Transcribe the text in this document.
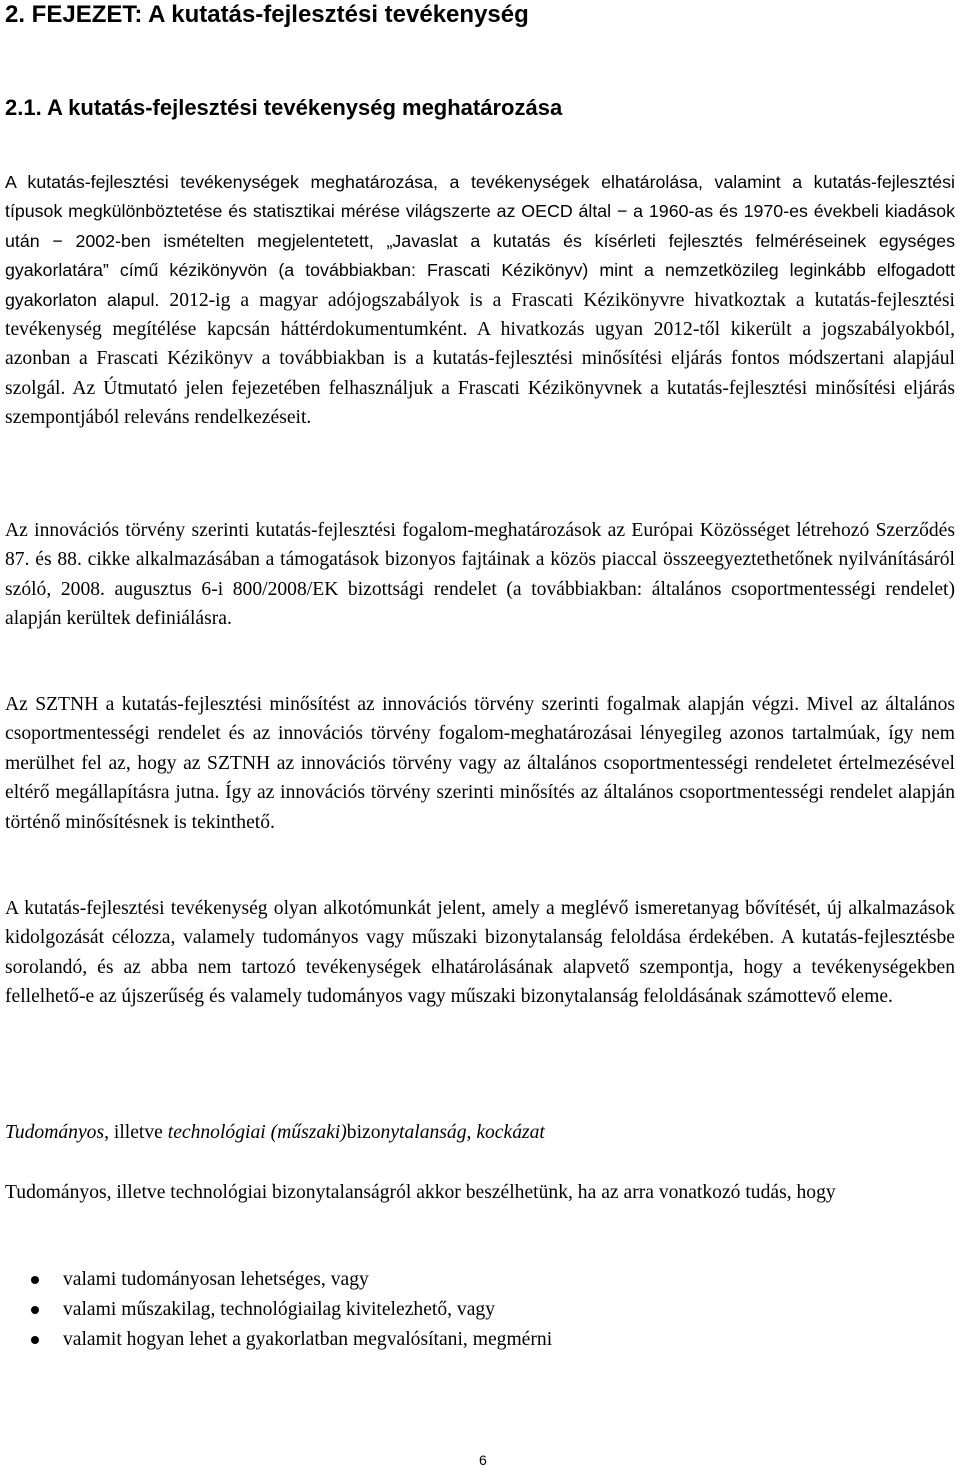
2. FEJEZET: A kutatás-fejlesztési tevékenység
2.1. A kutatás-fejlesztési tevékenység meghatározása

A kutatás-fejlesztési tevékenységek meghatározása, a tevékenységek elhatárolása, valamint a kutatás-fejlesztési típusok megkülönböztetése és statisztikai mérése világszerte az OECD által − a 1960-as és 1970-es évekbeli kiadások után − 2002-ben ismételten megjelentetett, „Javaslat a kutatás és kísérleti fejlesztés felméréseinek egységes gyakorlatára” című kézikönyvön (a továbbiakban: Frascati Kézikönyv) mint a nemzetközileg leginkább elfogadott gyakorlaton alapul. 2012-ig a magyar adójogszabályok is a Frascati Kézikönyvre hivatkoztak a kutatás-fejlesztési tevékenység megítélése kapcsán háttérdokumentumként. A hivatkozás ugyan 2012-től kikerült a jogszabályokból, azonban a Frascati Kézikönyv a továbbiakban is a kutatás-fejlesztési minősítési eljárás fontos módszertani alapjául szolgál. Az Útmutató jelen fejezetében felhasználjuk a Frascati Kézikönyvnek a kutatás-fejlesztési minősítési eljárás szempontjából releváns rendelkezéseit.

Az innovációs törvény szerinti kutatás-fejlesztési fogalom-meghatározások az Európai Közösséget létrehozó Szerződés 87. és 88. cikke alkalmazásában a támogatások bizonyos fajtáinak a közös piaccal összeegyeztethetőnek nyilvánításáról szóló, 2008. augusztus 6-i 800/2008/EK bizottsági rendelet (a továbbiakban: általános csoportmentességi rendelet) alapján kerültek definiálásra.

Az SZTNH a kutatás-fejlesztési minősítést az innovációs törvény szerinti fogalmak alapján végzi. Mivel az általános csoportmentességi rendelet és az innovációs törvény fogalom-meghatározásai lényegileg azonos tartalmúak, így nem merülhet fel az, hogy az SZTNH az innovációs törvény vagy az általános csoportmentességi rendeletet értelmezésével eltérő megállapításra jutna. Így az innovációs törvény szerinti minősítés az általános csoportmentességi rendelet alapján történő minősítésnek is tekinthető.

A kutatás-fejlesztési tevékenység olyan alkotómunkát jelent, amely a meglévő ismeretanyag bővítését, új alkalmazások kidolgozását célozza, valamely tudományos vagy műszaki bizonytalanság feloldása érdekében. A kutatás-fejlesztésbe sorolandó, és az abba nem tartozó tevékenységek elhatárolásának alapvető szempontja, hogy a tevékenységekben fellelhető-e az újszerűség és valamely tudományos vagy műszaki bizonytalanság feloldásának számottevő eleme.

Tudományos, illetve technológiai (műszaki)bizonytalanság, kockázat

Tudományos, illetve technológiai bizonytalanságról akkor beszélhetünk, ha az arra vonatkozó tudás, hogy

valami tudományosan lehetséges, vagy
valami műszakilag, technológiailag kivitelezhető, vagy
valamit hogyan lehet a gyakorlatban megvalósítani, megmérni
6
